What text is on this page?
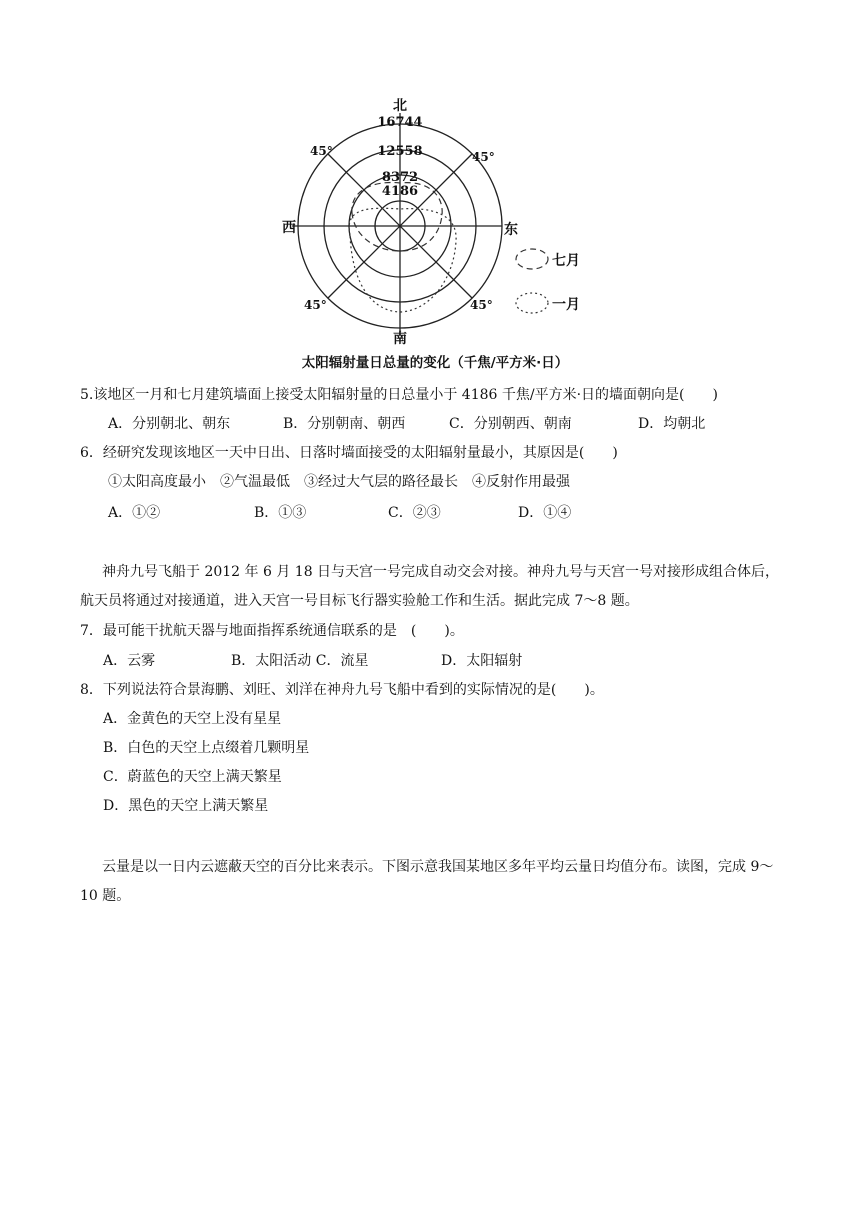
北
16744
12558
8372
4186
南
西	东
45°	45°
45°	45°
七月
一月
太阳辐射量日总量的变化（千焦/平方米·日）
5.该地区一月和七月建筑墙面上接受太阳辐射量的日总量小于 4186 千焦/平方米·日的墙面朝向是(　　)
A．分别朝北、朝东	B．分别朝南、朝西	C．分别朝西、朝南	D．均朝北
6．经研究发现该地区一天中日出、日落时墙面接受的太阳辐射量最小，其原因是(　　)
①太阳高度最小　②气温最低　③经过大气层的路径最长　④反射作用最强
A．①②	B．①③	C．②③	D．①④
神舟九号飞船于 2012 年 6 月 18 日与天宫一号完成自动交会对接。神舟九号与天宫一号对接形成组合体后，航天员将通过对接通道，进入天宫一号目标飞行器实验舱工作和生活。据此完成 7～8 题。
7．最可能干扰航天器与地面指挥系统通信联系的是　(　　)。
A．云雾	B．太阳活动 C．流星	D．太阳辐射
8．下列说法符合景海鹏、刘旺、刘洋在神舟九号飞船中看到的实际情况的是(　　)。
A．金黄色的天空上没有星星
B．白色的天空上点缀着几颗明星
C．蔚蓝色的天空上满天繁星
D．黑色的天空上满天繁星
云量是以一日内云遮蔽天空的百分比来表示。下图示意我国某地区多年平均云量日均值分布。读图，完成 9～10 题。
